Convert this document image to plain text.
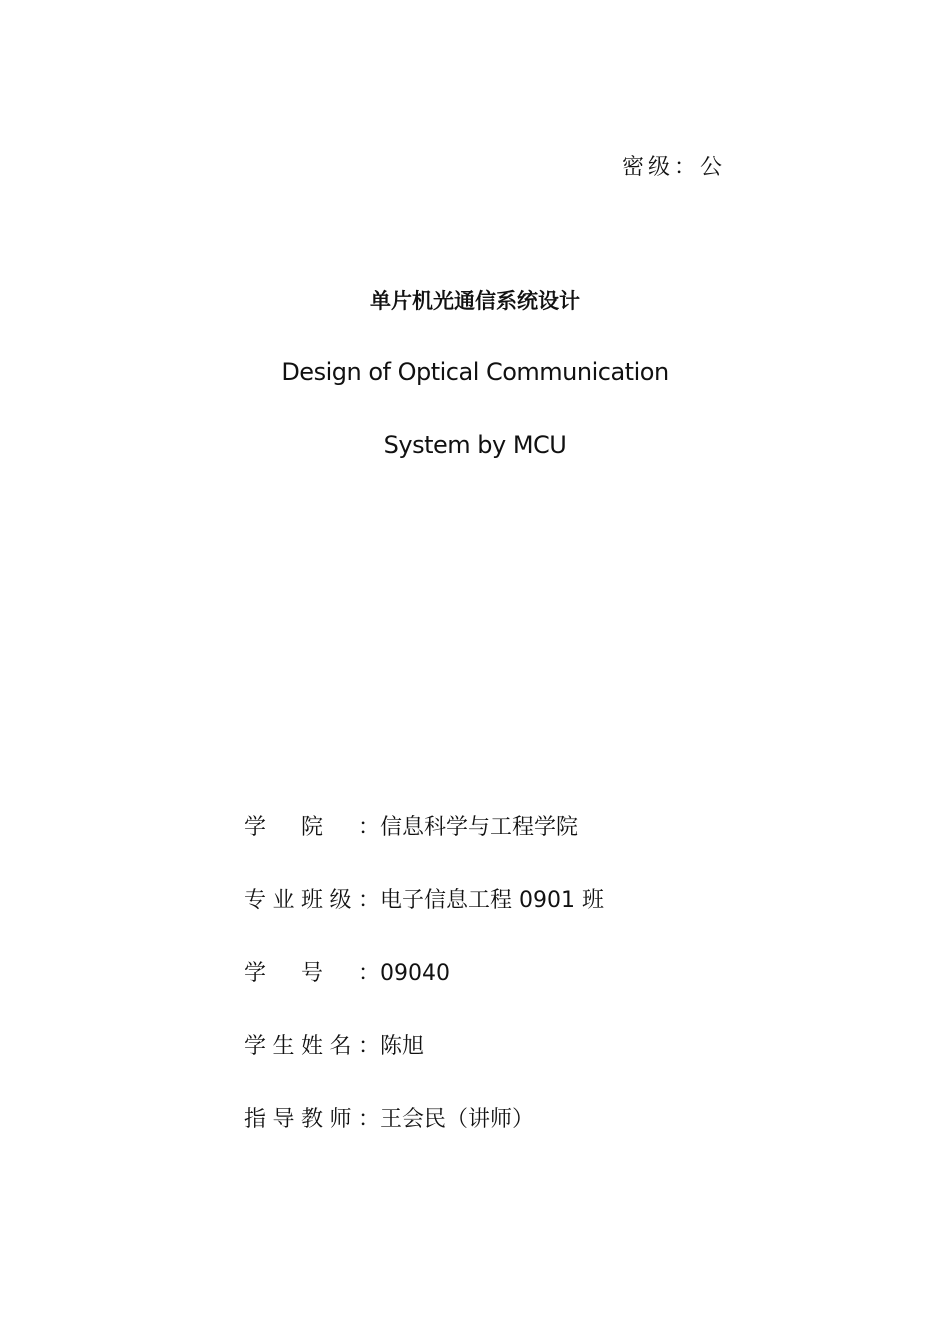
密级：公
单片机光通信系统设计
Design of Optical Communication
System by MCU
学院：信息科学与工程学院
专业班级：电子信息工程 0901 班
学号：09040
学生姓名：陈旭
指导教师：王会民（讲师）
